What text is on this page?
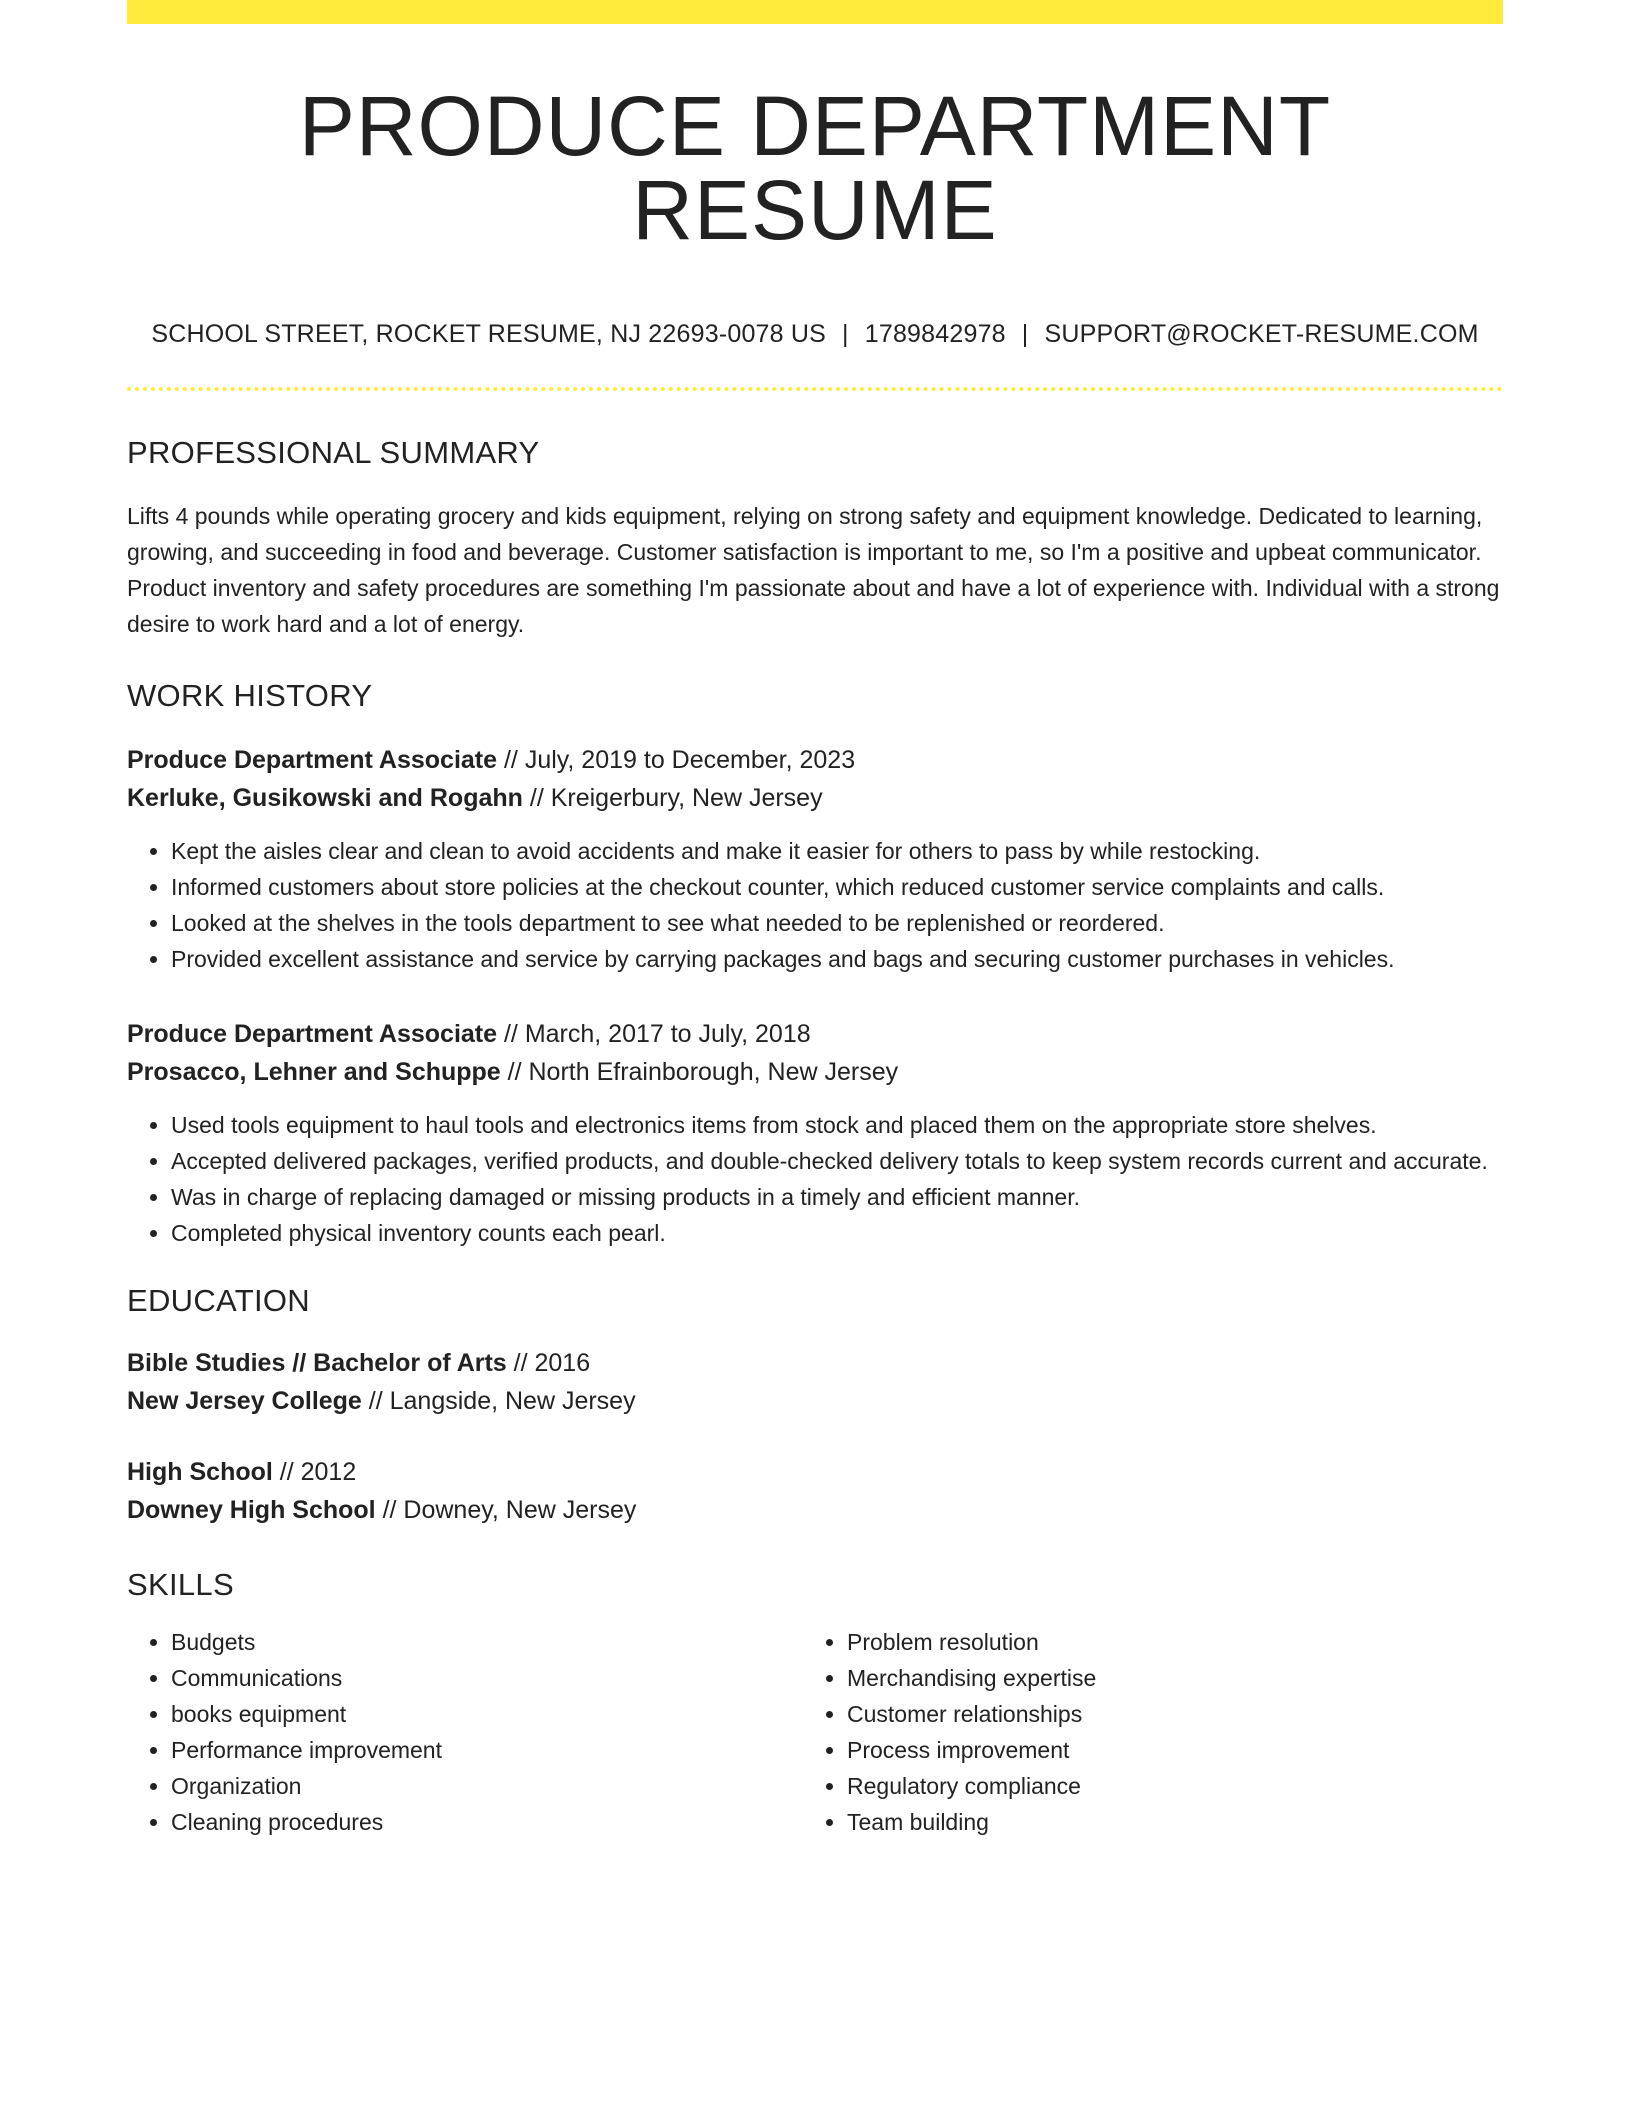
PRODUCE DEPARTMENT RESUME
SCHOOL STREET, ROCKET RESUME, NJ 22693-0078 US | 1789842978 | SUPPORT@ROCKET-RESUME.COM
PROFESSIONAL SUMMARY

Lifts 4 pounds while operating grocery and kids equipment, relying on strong safety and equipment knowledge. Dedicated to learning, growing, and succeeding in food and beverage. Customer satisfaction is important to me, so I'm a positive and upbeat communicator. Product inventory and safety procedures are something I'm passionate about and have a lot of experience with. Individual with a strong desire to work hard and a lot of energy.

WORK HISTORY
Produce Department Associate // July, 2019 to December, 2023
Kerluke, Gusikowski and Rogahn // Kreigerbury, New Jersey
• Kept the aisles clear and clean to avoid accidents and make it easier for others to pass by while restocking.
• Informed customers about store policies at the checkout counter, which reduced customer service complaints and calls.
• Looked at the shelves in the tools department to see what needed to be replenished or reordered.
• Provided excellent assistance and service by carrying packages and bags and securing customer purchases in vehicles.
Produce Department Associate // March, 2017 to July, 2018
Prosacco, Lehner and Schuppe // North Efrainborough, New Jersey
• Used tools equipment to haul tools and electronics items from stock and placed them on the appropriate store shelves.
• Accepted delivered packages, verified products, and double-checked delivery totals to keep system records current and accurate.
• Was in charge of replacing damaged or missing products in a timely and efficient manner.
• Completed physical inventory counts each pearl.
EDUCATION
Bible Studies // Bachelor of Arts // 2016
New Jersey College // Langside, New Jersey
High School // 2012
Downey High School // Downey, New Jersey
SKILLS
• Budgets
• Communications
• books equipment
• Performance improvement
• Organization
• Cleaning procedures
• Problem resolution
• Merchandising expertise
• Customer relationships
• Process improvement
• Regulatory compliance
• Team building
